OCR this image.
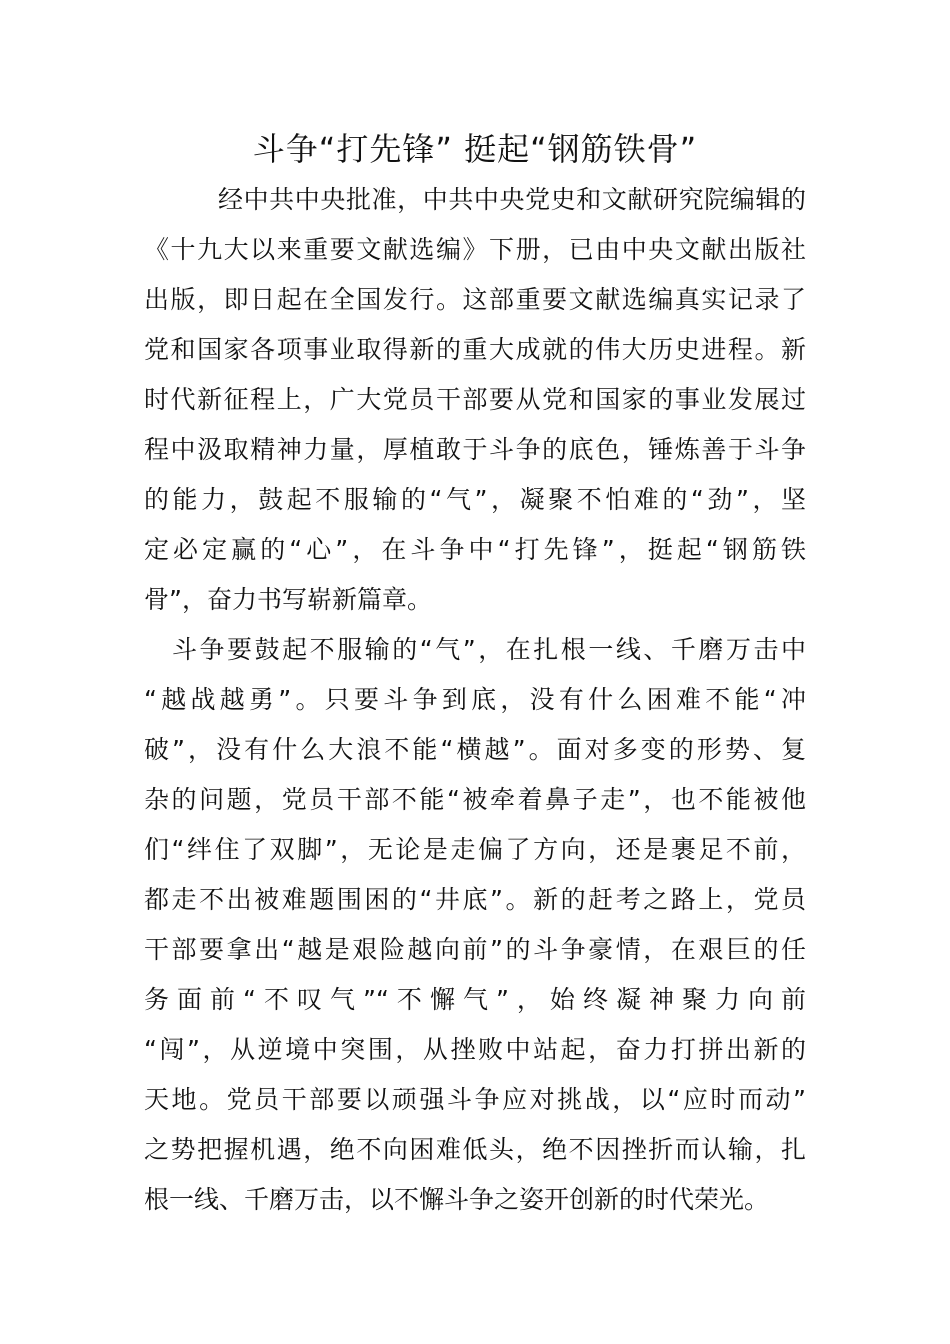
斗争“打先锋” 挺起“钢筋铁骨”
经中共中央批准，中共中央党史和文献研究院编辑的
《十九大以来重要文献选编》下册，已由中央文献出版社
出版，即日起在全国发行。这部重要文献选编真实记录了
党和国家各项事业取得新的重大成就的伟大历史进程。新
时代新征程上，广大党员干部要从党和国家的事业发展过
程中汲取精神力量，厚植敢于斗争的底色，锤炼善于斗争
的能力，鼓起不服输的“气”，凝聚不怕难的“劲”，坚
定必定赢的“心”，在斗争中“打先锋”，挺起“钢筋铁
骨”，奋力书写崭新篇章。
斗争要鼓起不服输的“气”，在扎根一线、千磨万击中
“越战越勇”。只要斗争到底，没有什么困难不能“冲
破”，没有什么大浪不能“横越”。面对多变的形势、复
杂的问题，党员干部不能“被牵着鼻子走”，也不能被他
们“绊住了双脚”，无论是走偏了方向，还是裹足不前，
都走不出被难题围困的“井底”。新的赶考之路上，党员
干部要拿出“越是艰险越向前”的斗争豪情，在艰巨的任
务面前“不叹气”“不懈气”，始终凝神聚力向前
“闯”，从逆境中突围，从挫败中站起，奋力打拼出新的
天地。党员干部要以顽强斗争应对挑战，以“应时而动”
之势把握机遇，绝不向困难低头，绝不因挫折而认输，扎
根一线、千磨万击，以不懈斗争之姿开创新的时代荣光。
